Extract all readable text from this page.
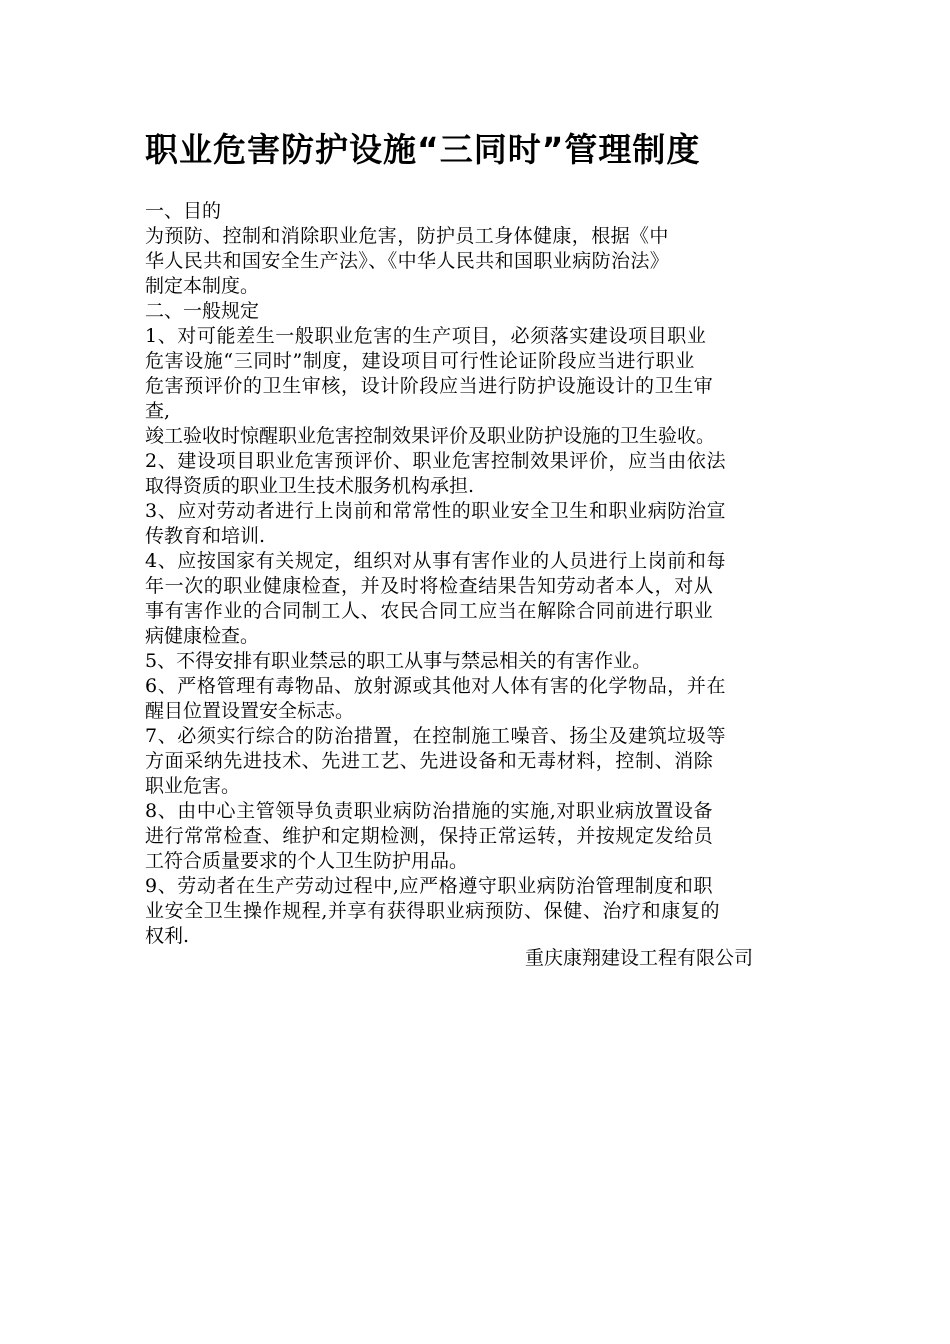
职业危害防护设施“三同时”管理制度
一、目的
为预防、控制和消除职业危害，防护员工身体健康，根据《中
华人民共和国安全生产法》、《中华人民共和国职业病防治法》
制定本制度。
二、一般规定
1、对可能差生一般职业危害的生产项目，必须落实建设项目职业
危害设施“三同时”制度，建设项目可行性论证阶段应当进行职业
危害预评价的卫生审核，设计阶段应当进行防护设施设计的卫生审
查,
竣工验收时惊醒职业危害控制效果评价及职业防护设施的卫生验收。
2、建设项目职业危害预评价、职业危害控制效果评价，应当由依法
取得资质的职业卫生技术服务机构承担.
3、应对劳动者进行上岗前和常常性的职业安全卫生和职业病防治宣
传教育和培训.
4、应按国家有关规定，组织对从事有害作业的人员进行上岗前和每
年一次的职业健康检查，并及时将检查结果告知劳动者本人，对从
事有害作业的合同制工人、农民合同工应当在解除合同前进行职业
病健康检查。
5、不得安排有职业禁忌的职工从事与禁忌相关的有害作业。
6、严格管理有毒物品、放射源或其他对人体有害的化学物品，并在
醒目位置设置安全标志。
7、必须实行综合的防治措置，在控制施工噪音、扬尘及建筑垃圾等
方面采纳先进技术、先进工艺、先进设备和无毒材料，控制、消除
职业危害。
8、由中心主管领导负责职业病防治措施的实施,对职业病放置设备
进行常常检查、维护和定期检测，保持正常运转，并按规定发给员
工符合质量要求的个人卫生防护用品。
9、劳动者在生产劳动过程中,应严格遵守职业病防治管理制度和职
业安全卫生操作规程,并享有获得职业病预防、保健、治疗和康复的
权利.
重庆康翔建设工程有限公司
